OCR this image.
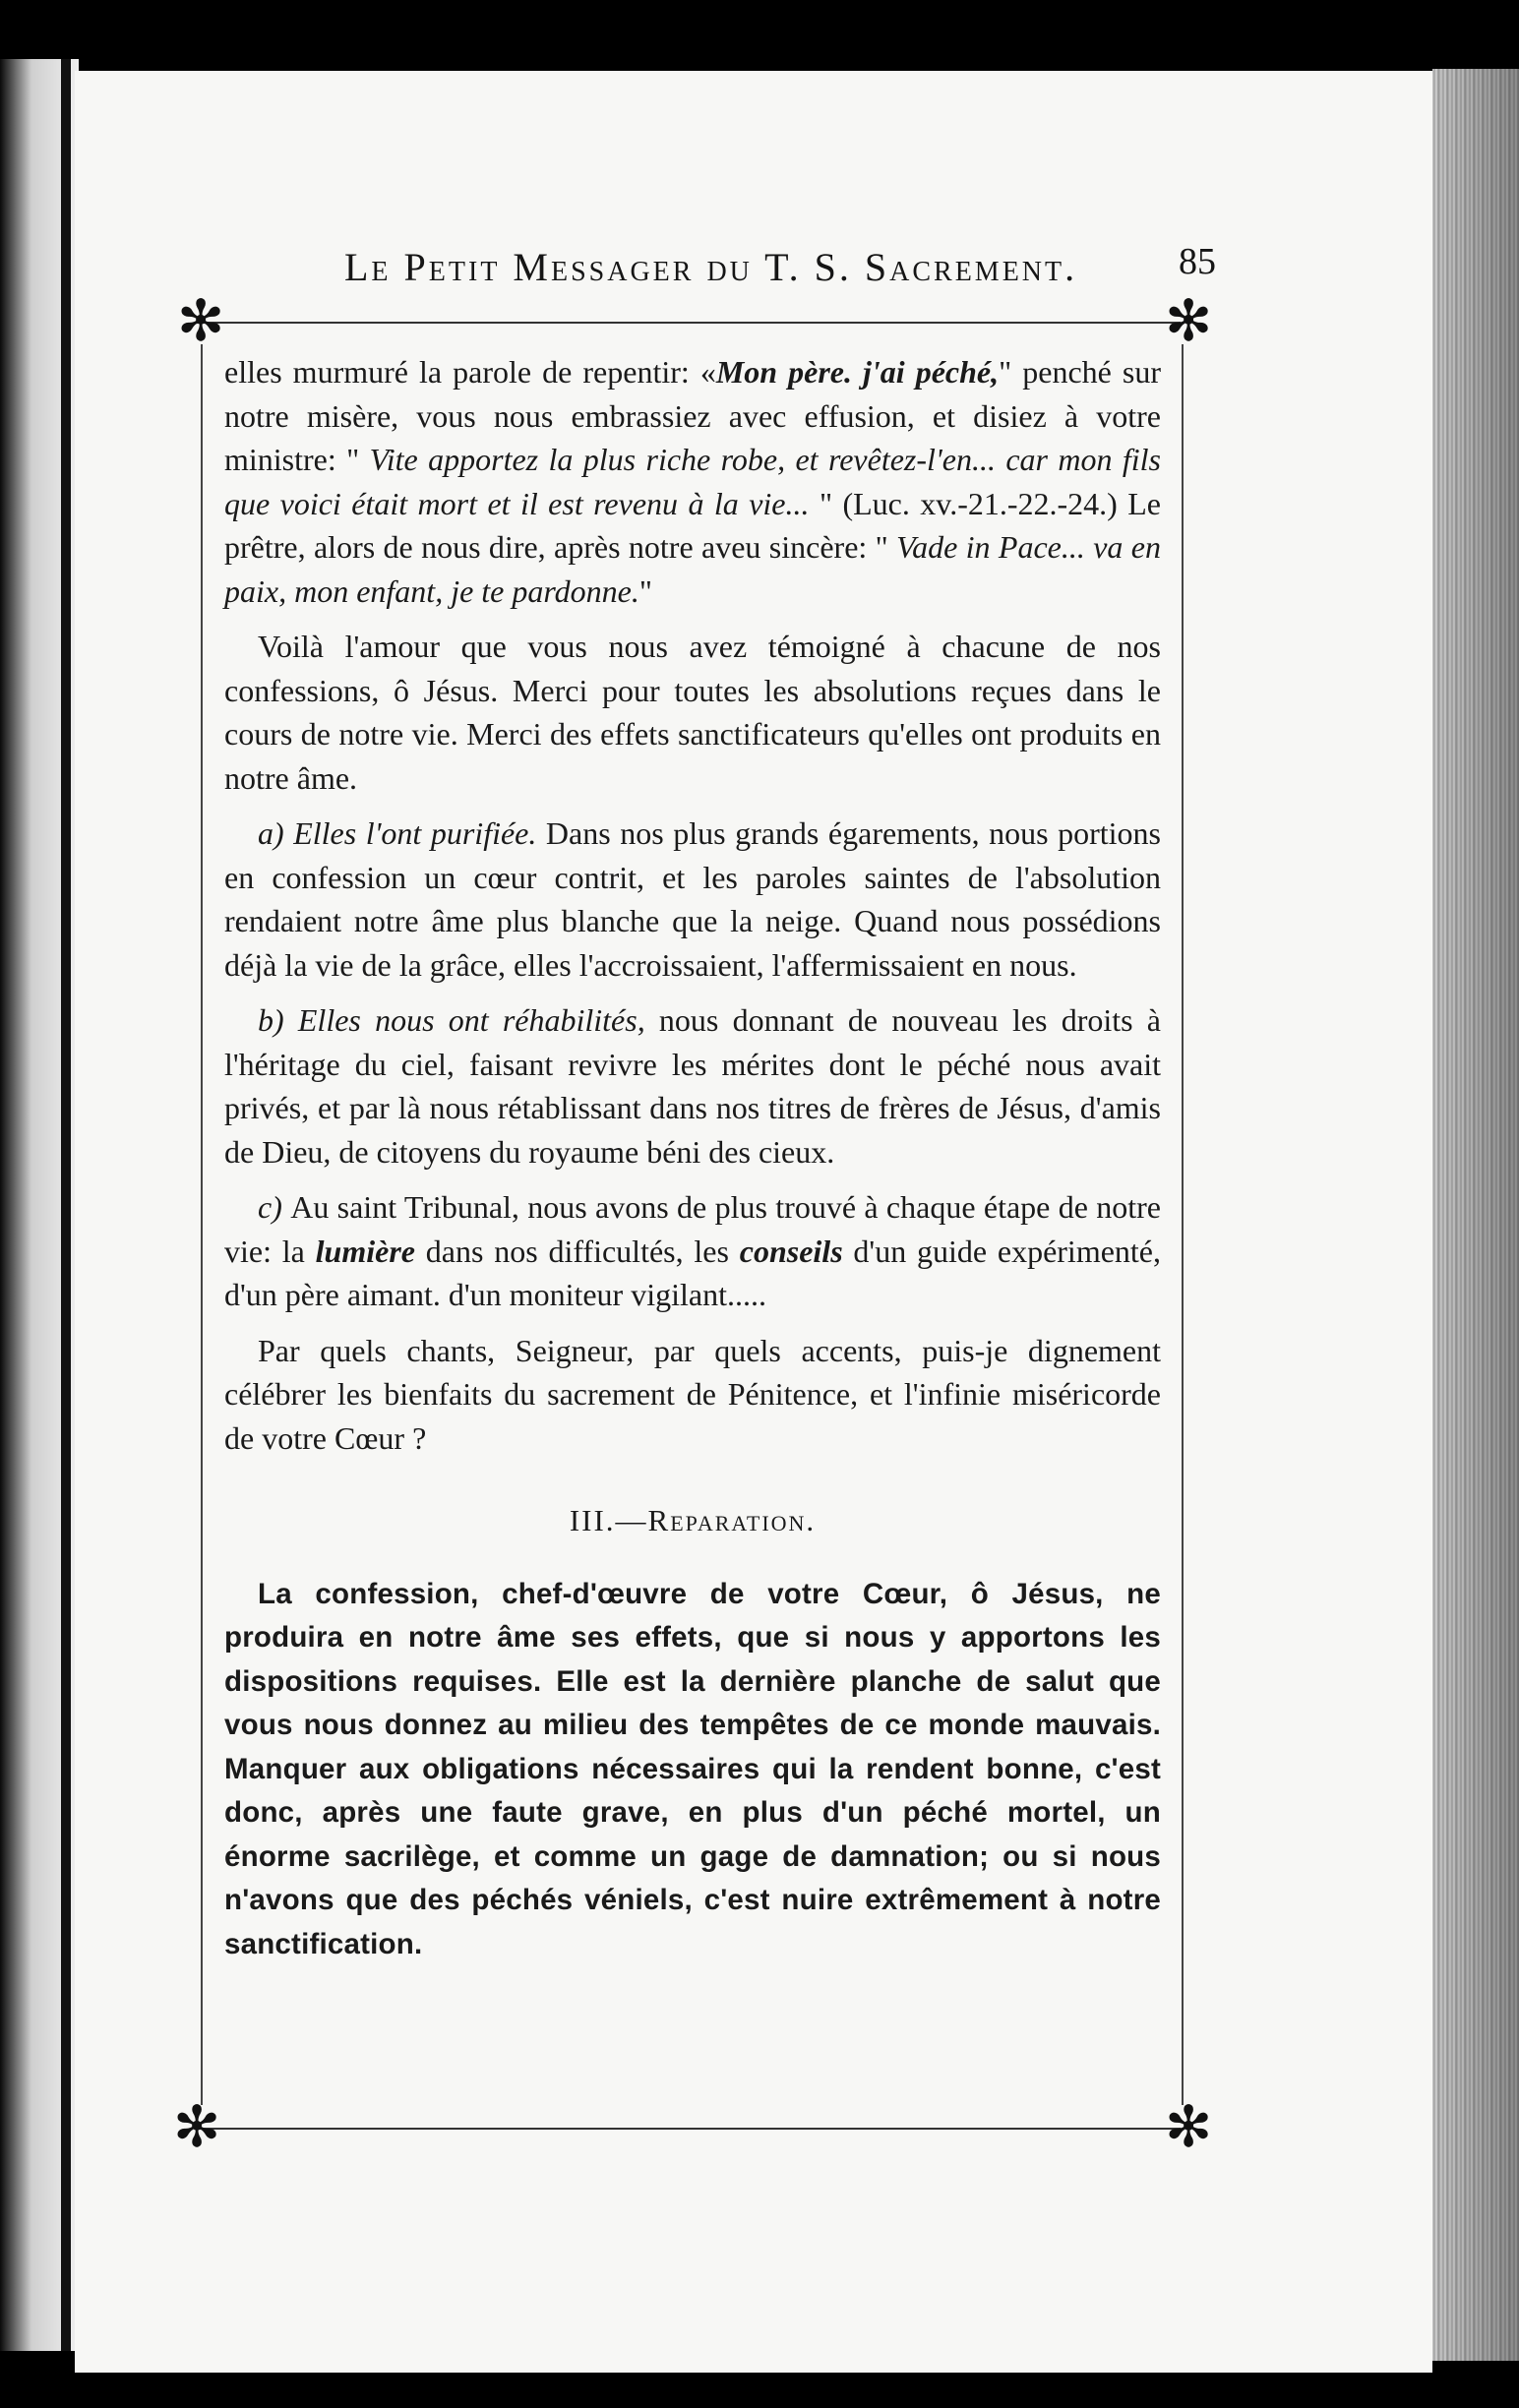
Le Petit Messager du T. S. Sacrement.	85
✻	✻
✻	✻

elles murmuré la parole de repentir: «Mon père. j'ai péché," penché sur notre misère, vous nous embrassiez avec effusion, et disiez à votre ministre: " Vite apportez la plus riche robe, et revêtez-l'en... car mon fils que voici était mort et il est revenu à la vie... " (Luc. xv.-21.-22.-24.) Le prêtre, alors de nous dire, après notre aveu sincère: " Vade in Pace... va en paix, mon enfant, je te pardonne."

Voilà l'amour que vous nous avez témoigné à chacune de nos confessions, ô Jésus. Merci pour toutes les absolutions reçues dans le cours de notre vie. Merci des effets sanctificateurs qu'elles ont produits en notre âme.

a) Elles l'ont purifiée. Dans nos plus grands égarements, nous portions en confession un cœur contrit, et les paroles saintes de l'absolution rendaient notre âme plus blanche que la neige. Quand nous possédions déjà la vie de la grâce, elles l'accroissaient, l'affermissaient en nous.

b) Elles nous ont réhabilités, nous donnant de nouveau les droits à l'héritage du ciel, faisant revivre les mérites dont le péché nous avait privés, et par là nous rétablissant dans nos titres de frères de Jésus, d'amis de Dieu, de citoyens du royaume béni des cieux.

c) Au saint Tribunal, nous avons de plus trouvé à chaque étape de notre vie: la lumière dans nos difficultés, les conseils d'un guide expérimenté, d'un père aimant. d'un moniteur vigilant.....

Par quels chants, Seigneur, par quels accents, puis-je dignement célébrer les bienfaits du sacrement de Pénitence, et l'infinie miséricorde de votre Cœur ?

III.—Reparation.

La confession, chef-d'œuvre de votre Cœur, ô Jésus, ne produira en notre âme ses effets, que si nous y apportons les dispositions requises. Elle est la dernière planche de salut que vous nous donnez au milieu des tempêtes de ce monde mauvais. Manquer aux obligations nécessaires qui la rendent bonne, c'est donc, après une faute grave, en plus d'un péché mortel, un énorme sacrilège, et comme un gage de damnation; ou si nous n'avons que des péchés véniels, c'est nuire extrêmement à notre sanctification.
